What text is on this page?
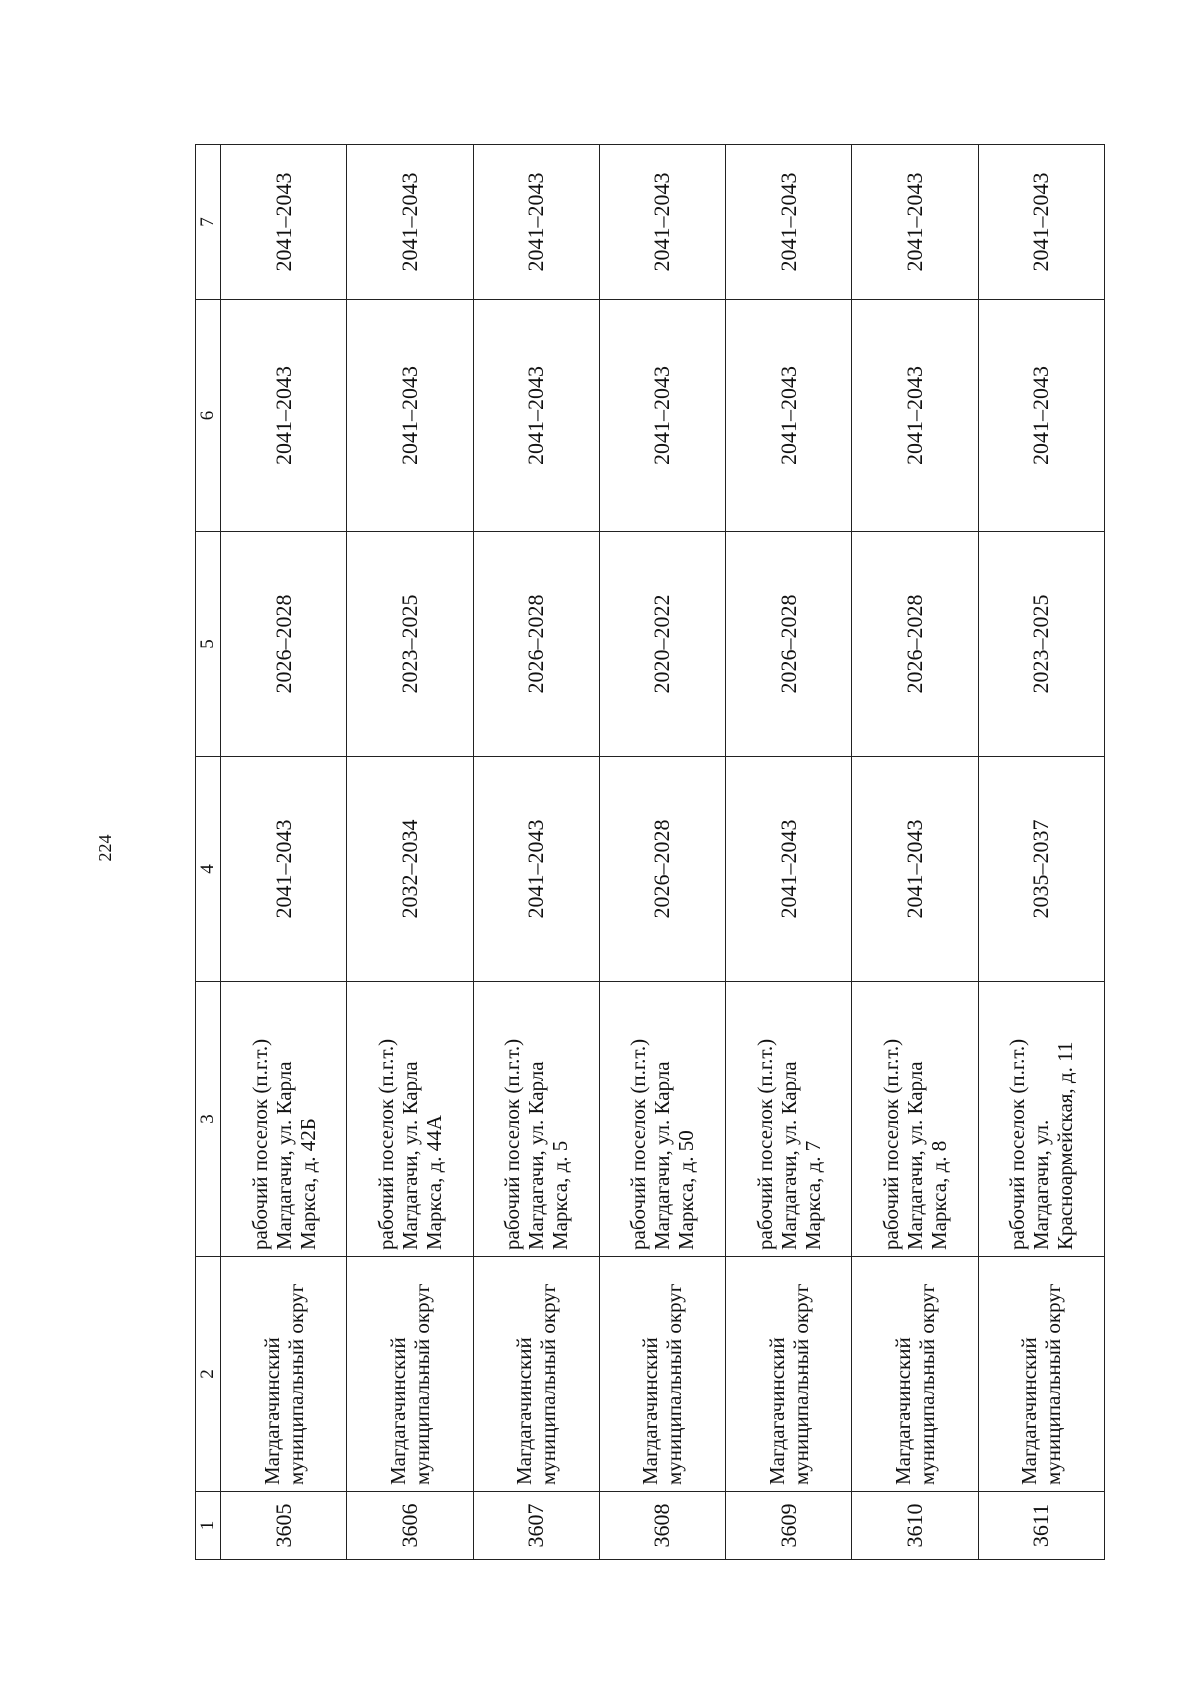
224
1	2	3	4	5	6	7
3605	Магдагачинский муниципальный округ	рабочий поселок (п.г.т.) Магдагачи, ул. Карла Маркса, д. 42Б	2041–2043	2026–2028	2041–2043	2041–2043
3606	Магдагачинский муниципальный округ	рабочий поселок (п.г.т.) Магдагачи, ул. Карла Маркса, д. 44А	2032–2034	2023–2025	2041–2043	2041–2043
3607	Магдагачинский муниципальный округ	рабочий поселок (п.г.т.) Магдагачи, ул. Карла Маркса, д. 5	2041–2043	2026–2028	2041–2043	2041–2043
3608	Магдагачинский муниципальный округ	рабочий поселок (п.г.т.) Магдагачи, ул. Карла Маркса, д. 50	2026–2028	2020–2022	2041–2043	2041–2043
3609	Магдагачинский муниципальный округ	рабочий поселок (п.г.т.) Магдагачи, ул. Карла Маркса, д. 7	2041–2043	2026–2028	2041–2043	2041–2043
3610	Магдагачинский муниципальный округ	рабочий поселок (п.г.т.) Магдагачи, ул. Карла Маркса, д. 8	2041–2043	2026–2028	2041–2043	2041–2043
3611	Магдагачинский муниципальный округ	рабочий поселок (п.г.т.) Магдагачи, ул. Красноармейская, д. 11	2035–2037	2023–2025	2041–2043	2041–2043
